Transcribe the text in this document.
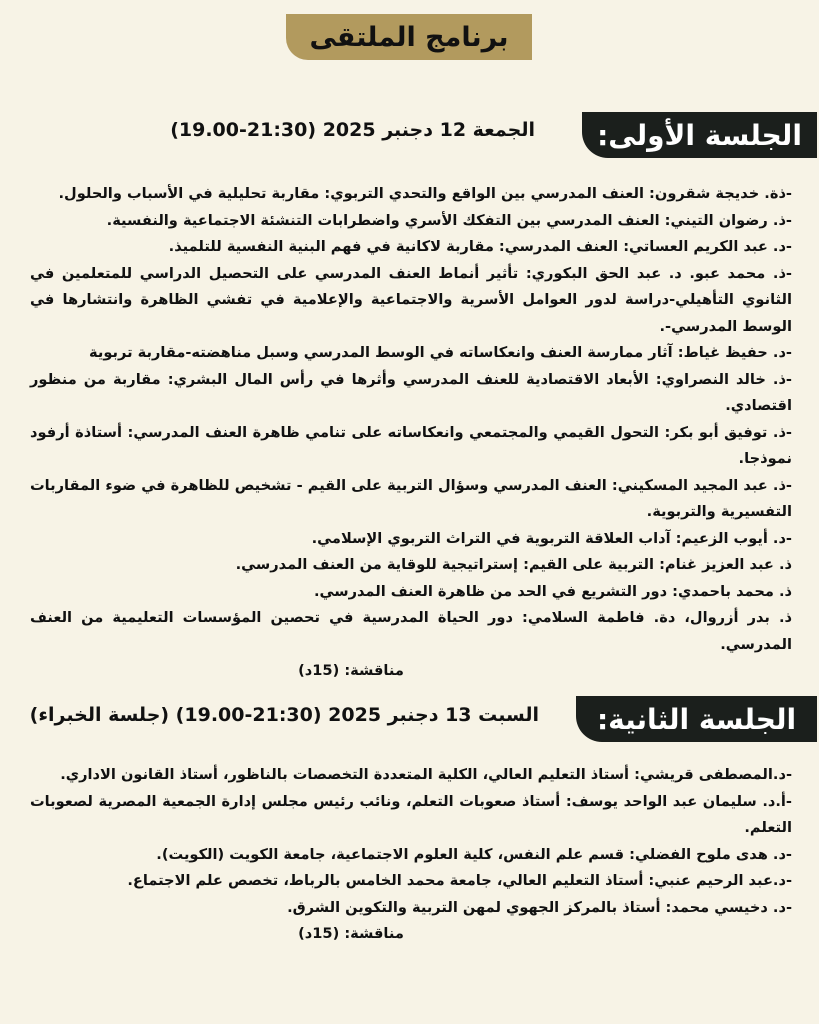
برنامج الملتقى
الجلسة الأولى:
الجمعة 12 دجنبر 2025 (21:30-19.00)

-ذة. خديجة شقرون: العنف المدرسي بين الواقع والتحدي التربوي: مقاربة تحليلية في الأسباب والحلول.

-ذ. رضوان التيني: العنف المدرسي بين التفكك الأسري واضطرابات التنشئة الاجتماعية والنفسية.

-د. عبد الكريم العساتي: العنف المدرسي: مقاربة لاكانية في فهم البنية النفسية للتلميذ.

-ذ. محمد عبو. د. عبد الحق البكوري: تأثير أنماط العنف المدرسي على التحصيل الدراسي للمتعلمين في الثانوي التأهيلي-دراسة لدور العوامل الأسرية والاجتماعية والإعلامية في تفشي الظاهرة وانتشارها في الوسط المدرسي-.

-د. حفيظ غياط: آثار ممارسة العنف وانعكاساته في الوسط المدرسي وسبل مناهضته-مقاربة تربوية

-ذ. خالد النصراوي: الأبعاد الاقتصادية للعنف المدرسي وأثرها في رأس المال البشري: مقاربة من منظور اقتصادي.

-ذ. توفيق أبو بكر: التحول القيمي والمجتمعي وانعكاساته على تنامي ظاهرة العنف المدرسي: أستاذة أرفود نموذجا.

-ذ. عبد المجيد المسكيني: العنف المدرسي وسؤال التربية على القيم - تشخيص للظاهرة في ضوء المقاربات التفسيرية والتربوية.

-د. أيوب الزعيم: آداب العلاقة التربوية في التراث التربوي الإسلامي.

ذ. عبد العزيز غنام: التربية على القيم: إستراتيجية للوقاية من العنف المدرسي.

ذ. محمد باحمدي: دور التشريع في الحد من ظاهرة العنف المدرسي.

ذ. بدر أزروال، دة. فاطمة السلامي: دور الحياة المدرسية في تحصين المؤسسات التعليمية من العنف المدرسي.

مناقشة: (15د)

الجلسة الثانية:
السبت 13 دجنبر 2025 (21:30-19.00) (جلسة الخبراء)

-د.المصطفى قريشي: أستاذ التعليم العالي، الكلية المتعددة التخصصات بالناظور، أستاذ القانون الاداري.

-أ.د. سليمان عبد الواحد يوسف: أستاذ صعوبات التعلم، ونائب رئيس مجلس إدارة الجمعية المصرية لصعوبات التعلم.

-د. هدى ملوح الفضلي: قسم علم النفس، كلية العلوم الاجتماعية، جامعة الكويت (الكويت).

-د.عبد الرحيم عنبي: أستاذ التعليم العالي، جامعة محمد الخامس بالرباط، تخصص علم الاجتماع.

-د. دخيسي محمد: أستاذ بالمركز الجهوي لمهن التربية والتكوين الشرق.

مناقشة: (15د)
